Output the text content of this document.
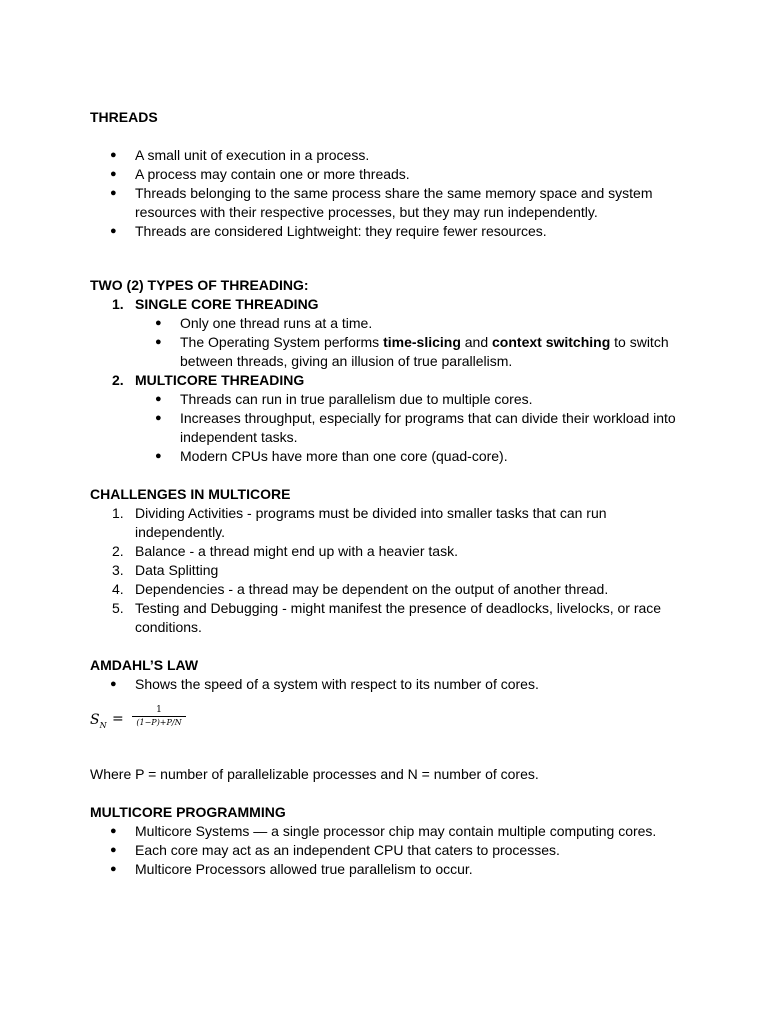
THREADS
● A small unit of execution in a process.
● A process may contain one or more threads.
● Threads belonging to the same process share the same memory space and system resources with their respective processes, but they may run independently.
● Threads are considered Lightweight: they require fewer resources.
TWO (2) TYPES OF THREADING:
1. SINGLE CORE THREADING
● Only one thread runs at a time.
● The Operating System performs time-slicing and context switching to switch between threads, giving an illusion of true parallelism.
2. MULTICORE THREADING
● Threads can run in true parallelism due to multiple cores.
● Increases throughput, especially for programs that can divide their workload into independent tasks.
● Modern CPUs have more than one core (quad-core).
CHALLENGES IN MULTICORE
1. Dividing Activities - programs must be divided into smaller tasks that can run independently.
2. Balance - a thread might end up with a heavier task.
3. Data Splitting
4. Dependencies - a thread may be dependent on the output of another thread.
5. Testing and Debugging - might manifest the presence of deadlocks, livelocks, or race conditions.
AMDAHL’S LAW
● Shows the speed of a system with respect to its number of cores.
$S_N = \frac{1}{(1-P)+P/N}$
Where P = number of parallelizable processes and N = number of cores.
MULTICORE PROGRAMMING
● Multicore Systems — a single processor chip may contain multiple computing cores.
● Each core may act as an independent CPU that caters to processes.
● Multicore Processors allowed true parallelism to occur.
